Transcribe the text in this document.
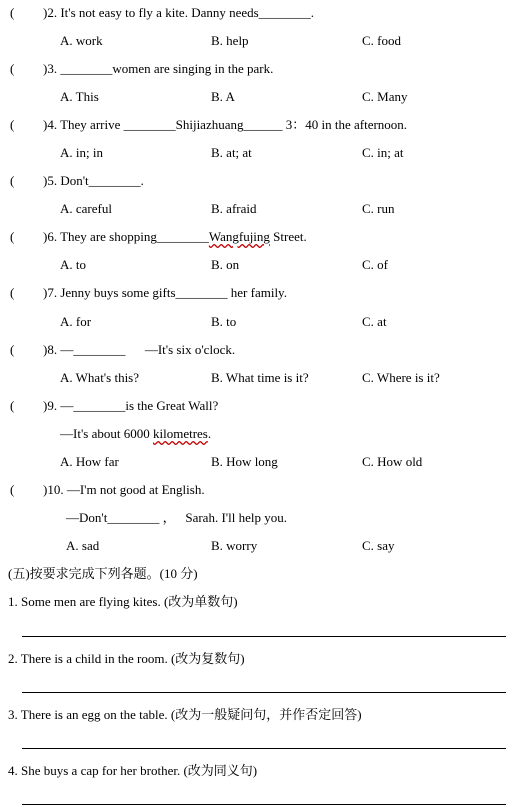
( )2. It's not easy to fly a kite. Danny needs________.
A. work	B. help	C. food
( )3. ________women are singing in the park.
A. This	B. A	C. Many
( )4. They arrive ________Shijiazhuang______ 3：40 in the afternoon.
A. in; in	B. at; at	C. in; at
( )5. Don't________.
A. careful	B. afraid	C. run
( )6. They are shopping________Wangfujing Street.
A. to	B. on	C. of
( )7. Jenny buys some gifts________ her family.
A. for	B. to	C. at
( )8. —________      —It's six o'clock.
A. What's this?	B. What time is it?	C. Where is it?
( )9. —________is the Great Wall?
—It's about 6000 kilometres.
A. How far	B. How long	C. How old
( )10. —I'm not good at English.
—Don't________ ，   Sarah. I'll help you.
A. sad	B. worry	C. say
(五)按要求完成下列各题。(10 分)
1. Some men are flying kites. (改为单数句)
2. There is a child in the room. (改为复数句)
3. There is an egg on the table. (改为一般疑问句，并作否定回答)
4. She buys a cap for her brother. (改为同义句)
